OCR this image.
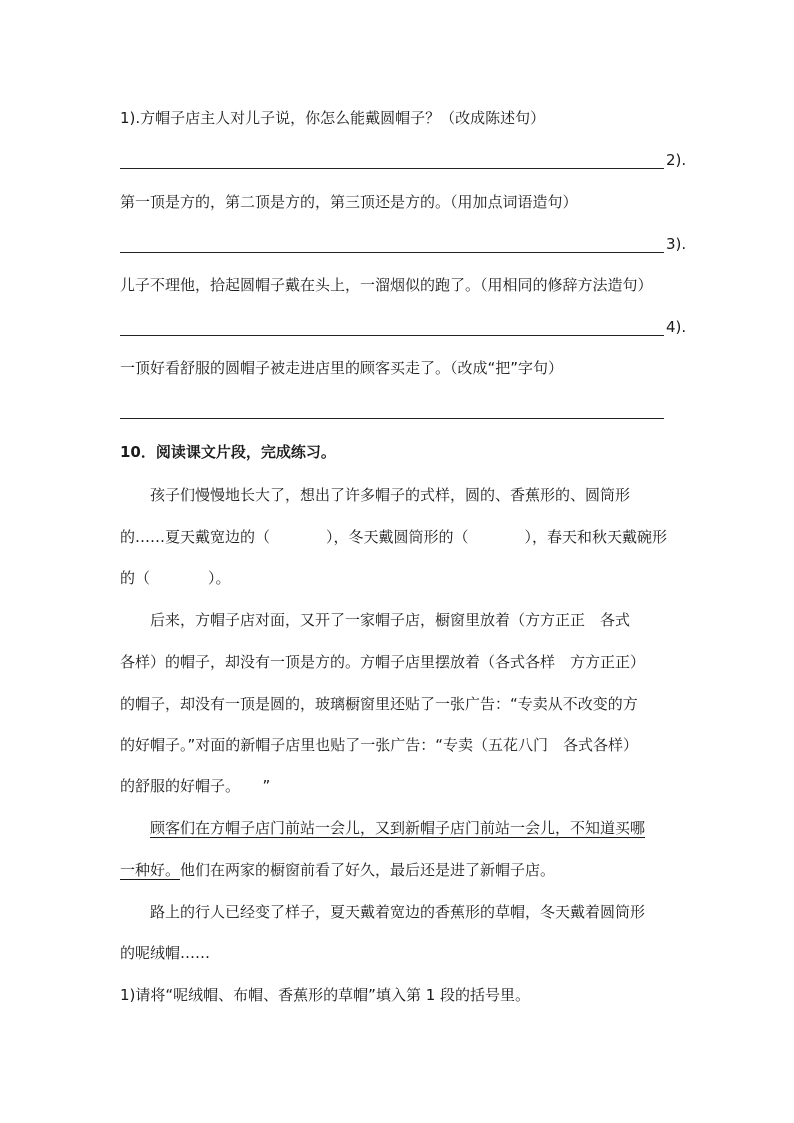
1).方帽子店主人对儿子说，你怎么能戴圆帽子？（改成陈述句）
2).
第一顶是方的，第二顶是方的，第三顶还是方的。（用加点词语造句）
3).
儿子不理他，拾起圆帽子戴在头上，一溜烟似的跑了。（用相同的修辞方法造句）
4).
一顶好看舒服的圆帽子被走进店里的顾客买走了。（改成“把”字句）
10．阅读课文片段，完成练习。
孩子们慢慢地长大了，想出了许多帽子的式样，圆的、香蕉形的、圆筒形
的……夏天戴宽边的（	），冬天戴圆筒形的（	），春天和秋天戴碗形
的（	）。
后来，方帽子店对面，又开了一家帽子店，橱窗里放着（方方正正　各式
各样）的帽子，却没有一顶是方的。方帽子店里摆放着（各式各样　方方正正）
的帽子，却没有一顶是圆的，玻璃橱窗里还贴了一张广告：“专卖从不改变的方
的好帽子。”对面的新帽子店里也贴了一张广告：“专卖（五花八门　各式各样）
的舒服的好帽子。　　”
顾客们在方帽子店门前站一会儿，又到新帽子店门前站一会儿，不知道买哪
一种好。他们在两家的橱窗前看了好久，最后还是进了新帽子店。
路上的行人已经变了样子，夏天戴着宽边的香蕉形的草帽，冬天戴着圆筒形
的呢绒帽……
1)请将“呢绒帽、布帽、香蕉形的草帽”填入第 1 段的括号里。
